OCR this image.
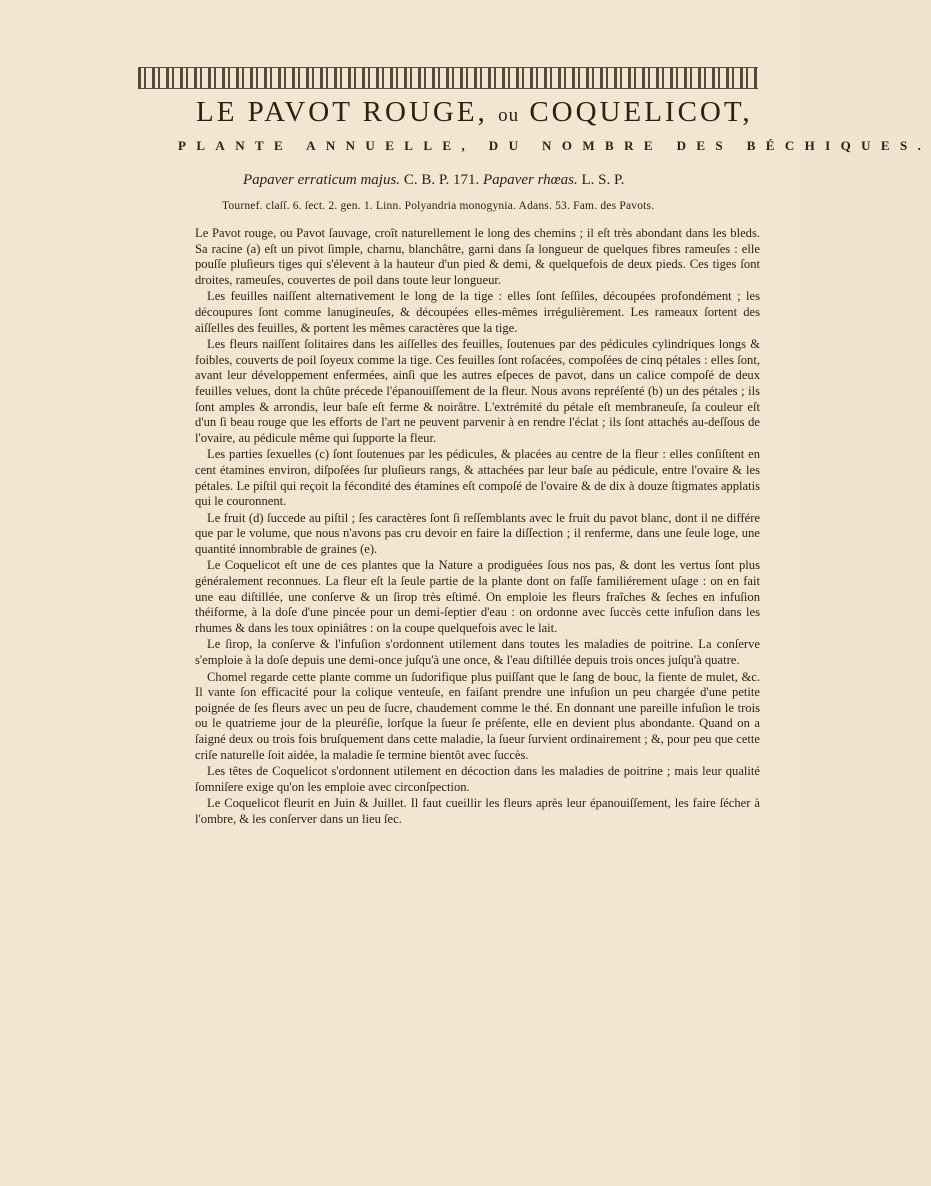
LE PAVOT ROUGE, ou COQUELICOT,
PLANTE ANNUELLE, DU NOMBRE DES BÉCHIQUES.
Papaver erraticum majus. C. B. P. 171. Papaver rhœas. L. S. P.
Tournef. claſſ. 6. ſect. 2. gen. 1. Linn. Polyandria monogynia. Adans. 53. Fam. des Pavots.

Le Pavot rouge, ou Pavot ſauvage, croît naturellement le long des chemins ; il eſt très abondant dans les bleds. Sa racine (a) eſt un pivot ſimple, charnu, blanchâtre, garni dans ſa longueur de quelques fibres rameuſes : elle pouſſe pluſieurs tiges qui s'élevent à la hauteur d'un pied & demi, & quelquefois de deux pieds. Ces tiges ſont droites, rameuſes, couvertes de poil dans toute leur longueur.

Les feuilles naiſſent alternativement le long de la tige : elles ſont ſeſſiles, découpées profondément ; les découpures ſont comme lanugineuſes, & découpées elles-mêmes irrégulièrement. Les rameaux ſortent des aiſſelles des feuilles, & portent les mêmes caractères que la tige.

Les fleurs naiſſent ſolitaires dans les aiſſelles des feuilles, ſoutenues par des pédicules cylindriques longs & foibles, couverts de poil ſoyeux comme la tige. Ces feuilles ſont roſacées, compoſées de cinq pétales : elles ſont, avant leur développement enfermées, ainſi que les autres eſpeces de pavot, dans un calice compoſé de deux feuilles velues, dont la chûte précede l'épanouiſſement de la fleur. Nous avons repréſenté (b) un des pétales ; ils ſont amples & arrondis, leur baſe eſt ferme & noirâtre. L'extrémité du pétale eſt membraneuſe, ſa couleur eſt d'un ſi beau rouge que les efforts de l'art ne peuvent parvenir à en rendre l'éclat ; ils ſont attachés au-deſſous de l'ovaire, au pédicule même qui ſupporte la fleur.

Les parties ſexuelles (c) ſont ſoutenues par les pédicules, & placées au centre de la fleur : elles conſiſtent en cent étamines environ, diſpoſées ſur pluſieurs rangs, & attachées par leur baſe au pédicule, entre l'ovaire & les pétales. Le piſtil qui reçoit la fécondité des étamines eſt compoſé de l'ovaire & de dix à douze ſtigmates applatis qui le couronnent.

Le fruit (d) ſuccede au piſtil ; ſes caractères ſont ſi reſſemblants avec le fruit du pavot blanc, dont il ne différe que par le volume, que nous n'avons pas cru devoir en faire la diſſection ; il renferme, dans une ſeule loge, une quantité innombrable de graines (e).

Le Coquelicot eſt une de ces plantes que la Nature a prodiguées ſous nos pas, & dont les vertus ſont plus généralement reconnues. La fleur eſt la ſeule partie de la plante dont on faſſe familiérement uſage : on en fait une eau diſtillée, une conſerve & un ſirop très eſtimé. On emploie les fleurs fraîches & ſeches en infuſion théiforme, à la doſe d'une pincée pour un demi-ſeptier d'eau : on ordonne avec ſuccès cette infuſion dans les rhumes & dans les toux opiniâtres : on la coupe quelquefois avec le lait.

Le ſirop, la conſerve & l'infuſion s'ordonnent utilement dans toutes les maladies de poitrine. La conſerve s'emploie à la doſe depuis une demi-once juſqu'à une once, & l'eau diſtillée depuis trois onces juſqu'à quatre.

Chomel regarde cette plante comme un ſudorifique plus puiſſant que le ſang de bouc, la fiente de mulet, &c. Il vante ſon efficacité pour la colique venteuſe, en faiſant prendre une infuſion un peu chargée d'une petite poignée de ſes fleurs avec un peu de ſucre, chaudement comme le thé. En donnant une pareille infuſion le trois ou le quatrieme jour de la pleuréſie, lorſque la ſueur ſe préſente, elle en devient plus abondante. Quand on a ſaigné deux ou trois fois bruſquement dans cette maladie, la ſueur ſurvient ordinairement ; &, pour peu que cette criſe naturelle ſoit aidée, la maladie ſe termine bientôt avec ſuccès.

Les têtes de Coquelicot s'ordonnent utilement en décoction dans les maladies de poitrine ; mais leur qualité ſomniſere exige qu'on les emploie avec circonſpection.

Le Coquelicot fleurit en Juin & Juillet. Il faut cueillir les fleurs après leur épanouiſſement, les faire ſécher à l'ombre, & les conſerver dans un lieu ſec.
